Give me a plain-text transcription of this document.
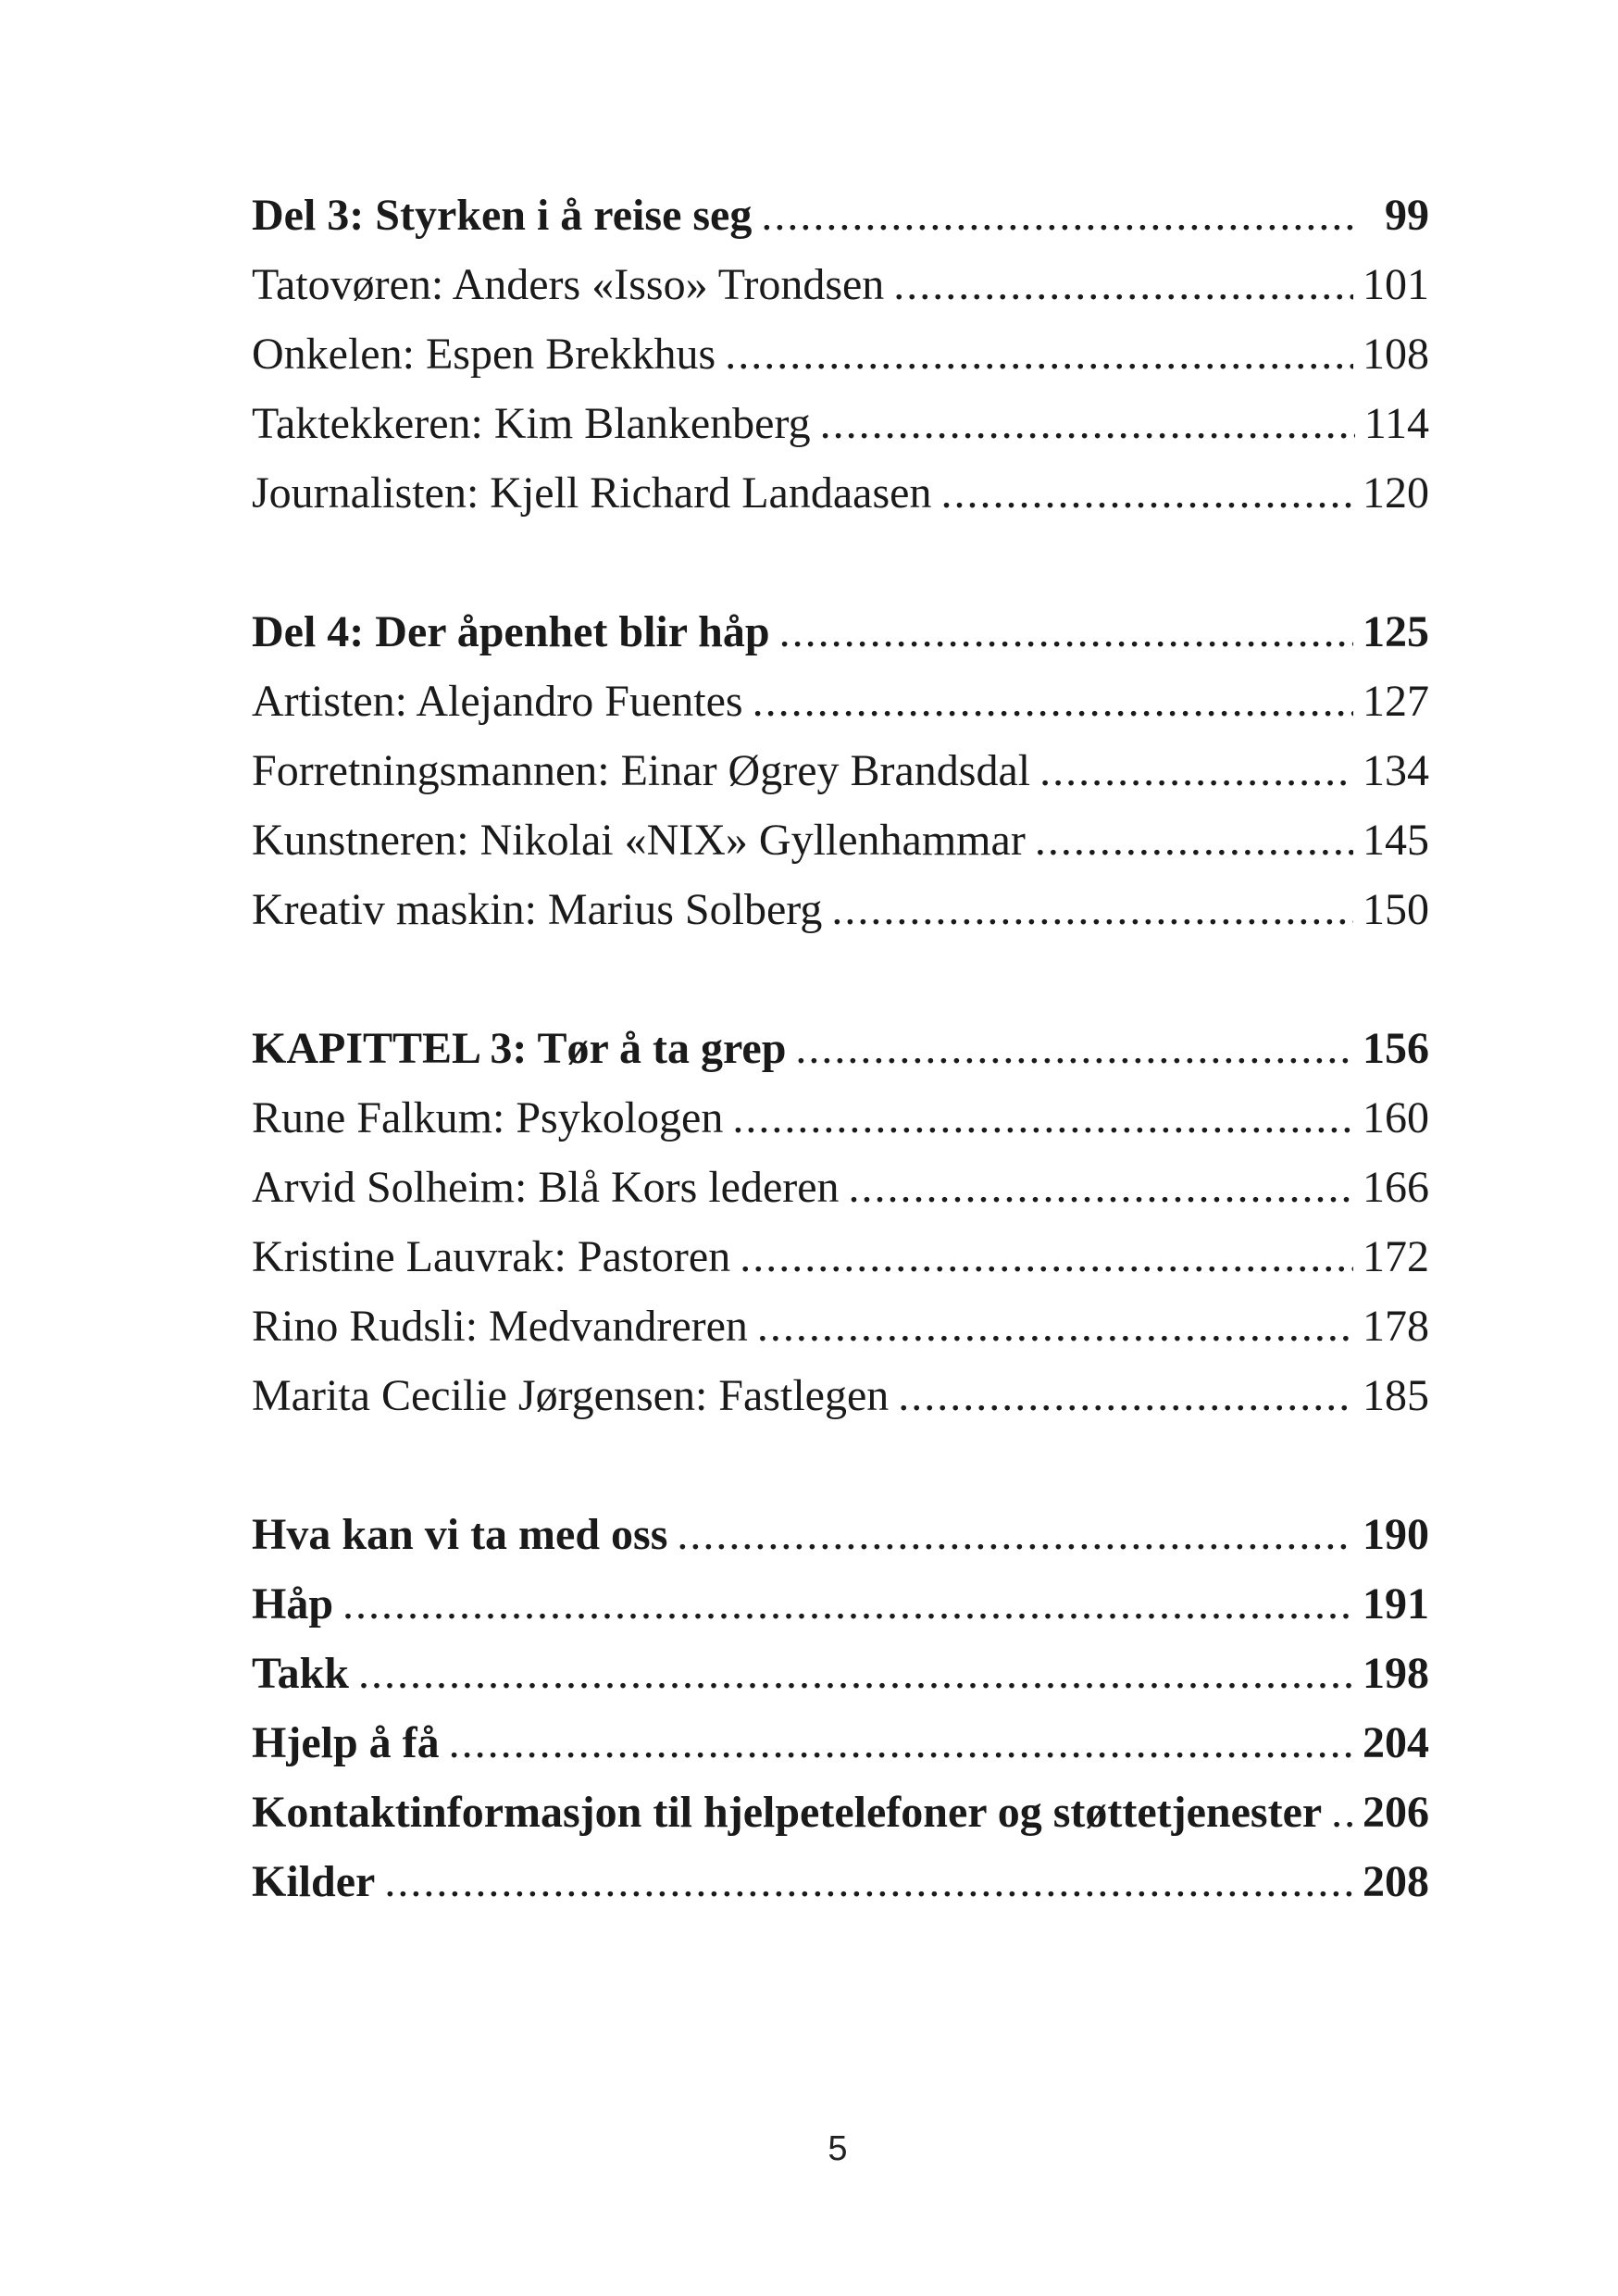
Del 3: Styrken i å reise seg .....	99
Tatovøren: Anders «Isso» Trondsen .....	101
Onkelen: Espen Brekkhus .....	108
Taktekkeren: Kim Blankenberg .....	114
Journalisten: Kjell Richard Landaasen .....	120
Del 4: Der åpenhet blir håp .....	125
Artisten: Alejandro Fuentes .....	127
Forretningsmannen: Einar Øgrey Brandsdal .....	134
Kunstneren: Nikolai «NIX» Gyllenhammar .....	145
Kreativ maskin: Marius Solberg .....	150
KAPITTEL 3: Tør å ta grep .....	156
Rune Falkum: Psykologen .....	160
Arvid Solheim: Blå Kors lederen .....	166
Kristine Lauvrak: Pastoren .....	172
Rino Rudsli: Medvandreren .....	178
Marita Cecilie Jørgensen: Fastlegen .....	185
Hva kan vi ta med oss .....	190
Håp .....	191
Takk .....	198
Hjelp å få .....	204
Kontaktinformasjon til hjelpetelefoner og støttetjenester ..... 206
Kilder .....	208
5
